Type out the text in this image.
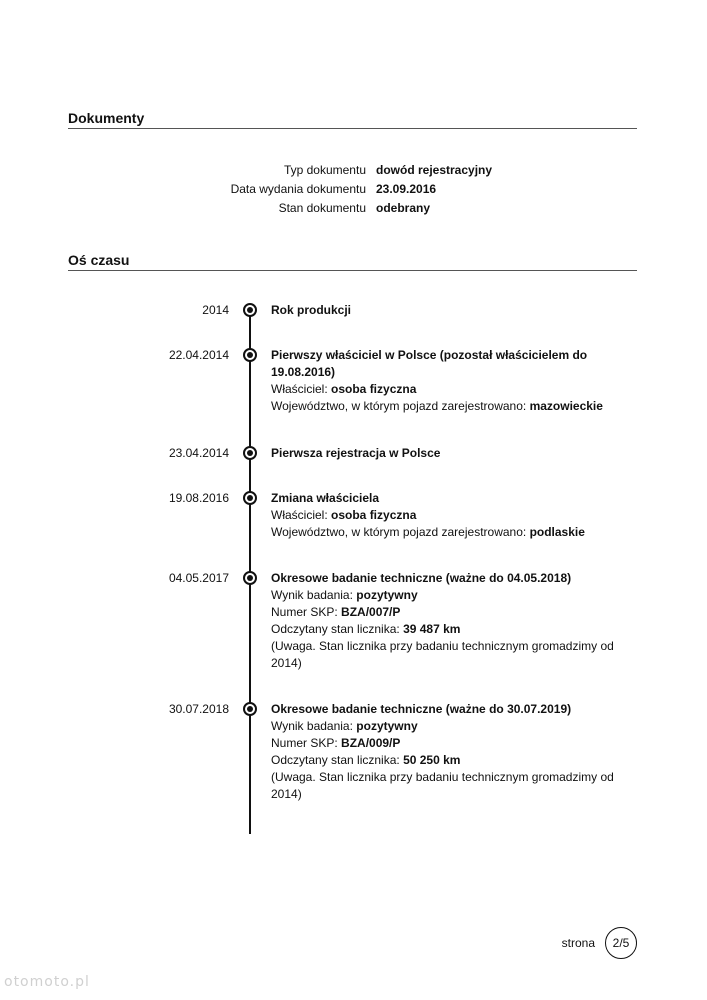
Dokumenty
Typ dokumentu dowód rejestracyjny
Data wydania dokumentu 23.09.2016
Stan dokumentu odebrany
Oś czasu
2014	Rok produkcji
22.04.2014	Pierwszy właściciel w Polsce (pozostał właścicielem do 19.08.2016)
Właściciel: osoba fizyczna
Województwo, w którym pojazd zarejestrowano: mazowieckie
23.04.2014	Pierwsza rejestracja w Polsce
19.08.2016	Zmiana właściciela
Właściciel: osoba fizyczna
Województwo, w którym pojazd zarejestrowano: podlaskie
04.05.2017	Okresowe badanie techniczne (ważne do 04.05.2018)
Wynik badania: pozytywny
Numer SKP: BZA/007/P
Odczytany stan licznika: 39 487 km
(Uwaga. Stan licznika przy badaniu technicznym gromadzimy od 2014)
30.07.2018	Okresowe badanie techniczne (ważne do 30.07.2019)
Wynik badania: pozytywny
Numer SKP: BZA/009/P
Odczytany stan licznika: 50 250 km
(Uwaga. Stan licznika przy badaniu technicznym gromadzimy od 2014)
strona	2/5
otomoto.pl
